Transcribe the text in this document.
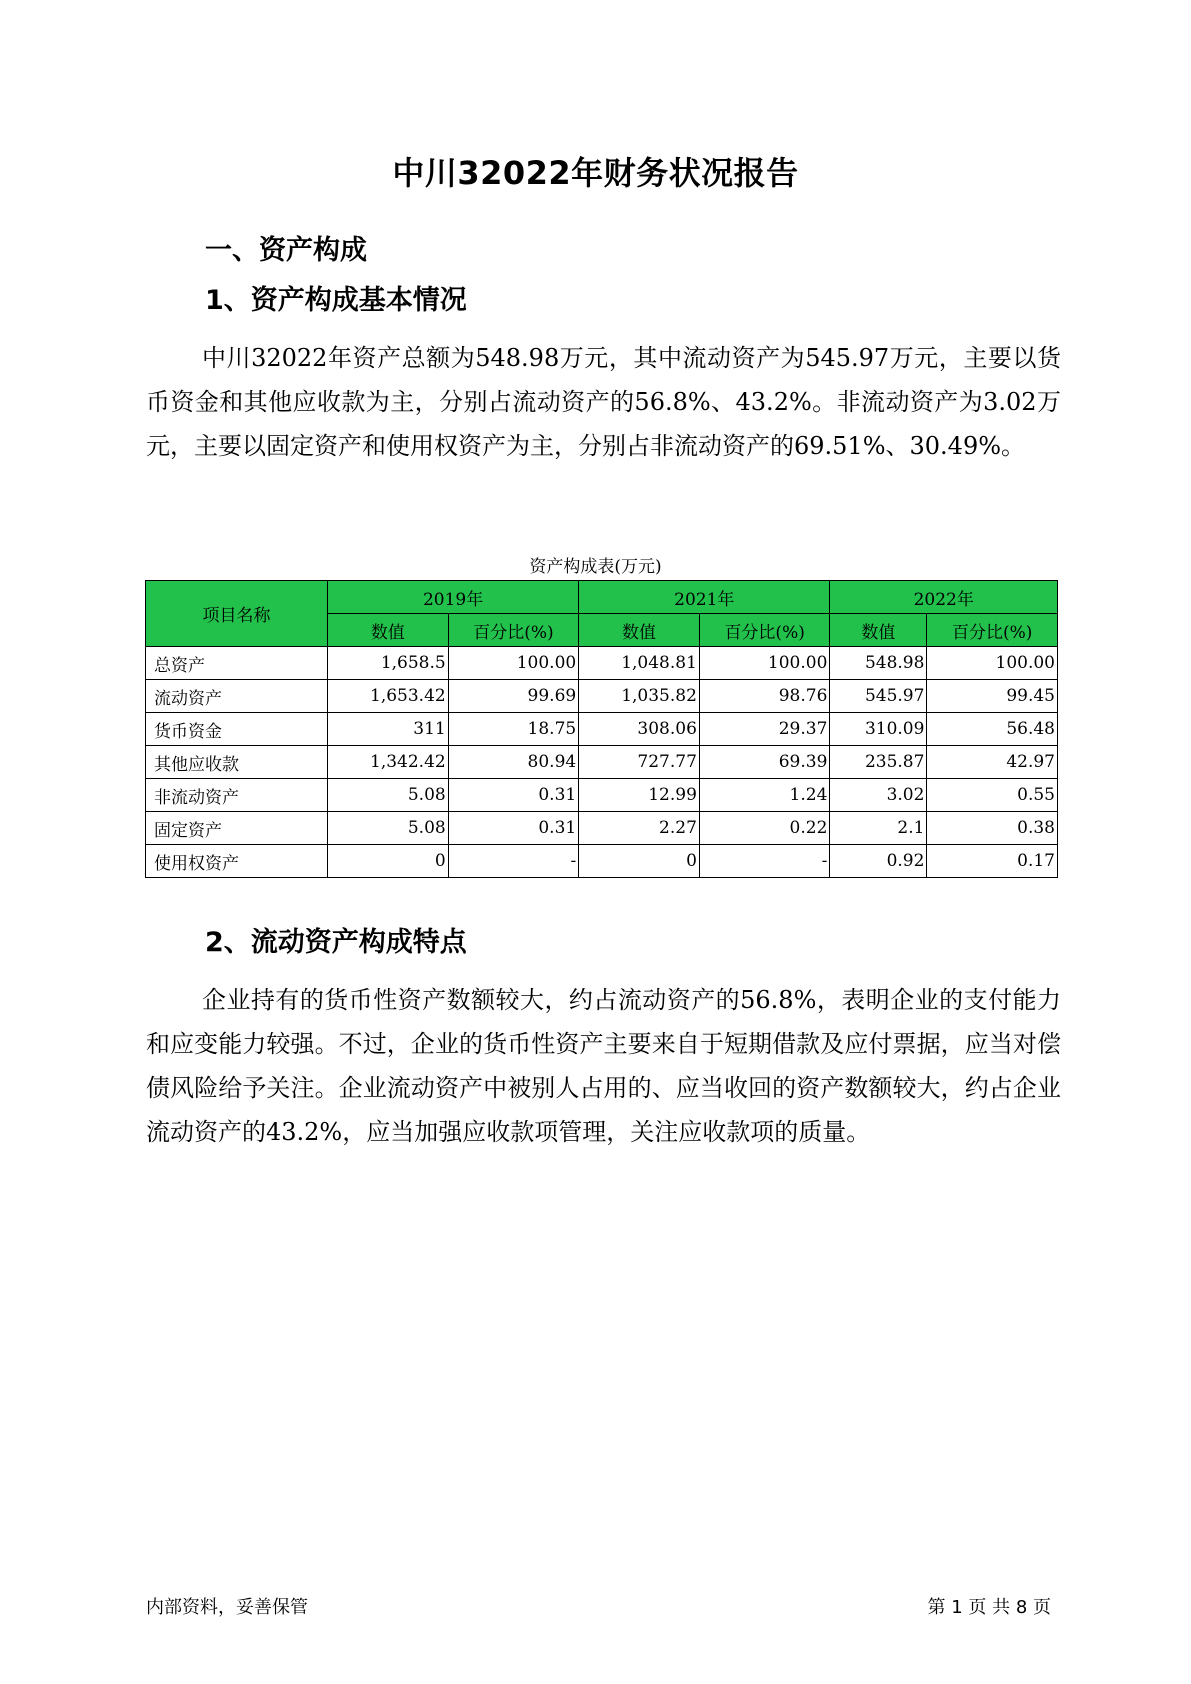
中川32022年财务状况报告
一、资产构成
1、资产构成基本情况
中川32022年资产总额为548.98万元，其中流动资产为545.97万元，主要以货币资金和其他应收款为主，分别占流动资产的56.8%、43.2%。非流动资产为3.02万元，主要以固定资产和使用权资产为主，分别占非流动资产的69.51%、30.49%。
资产构成表(万元)
项目名称	2019年		2021年		2022年	
	数值	百分比(%)	数值	百分比(%)	数值	百分比(%)
总资产	1,658.5	100.00	1,048.81	100.00	548.98	100.00
流动资产	1,653.42	99.69	1,035.82	98.76	545.97	99.45
货币资金	311	18.75	308.06	29.37	310.09	56.48
其他应收款	1,342.42	80.94	727.77	69.39	235.87	42.97
非流动资产	5.08	0.31	12.99	1.24	3.02	0.55
固定资产	5.08	0.31	2.27	0.22	2.1	0.38
使用权资产	0	-	0	-	0.92	0.17
2、流动资产构成特点
企业持有的货币性资产数额较大，约占流动资产的56.8%，表明企业的支付能力和应变能力较强。不过，企业的货币性资产主要来自于短期借款及应付票据，应当对偿债风险给予关注。企业流动资产中被别人占用的、应当收回的资产数额较大，约占企业流动资产的43.2%，应当加强应收款项管理，关注应收款项的质量。
内部资料，妥善保管	第 1 页 共 8 页
